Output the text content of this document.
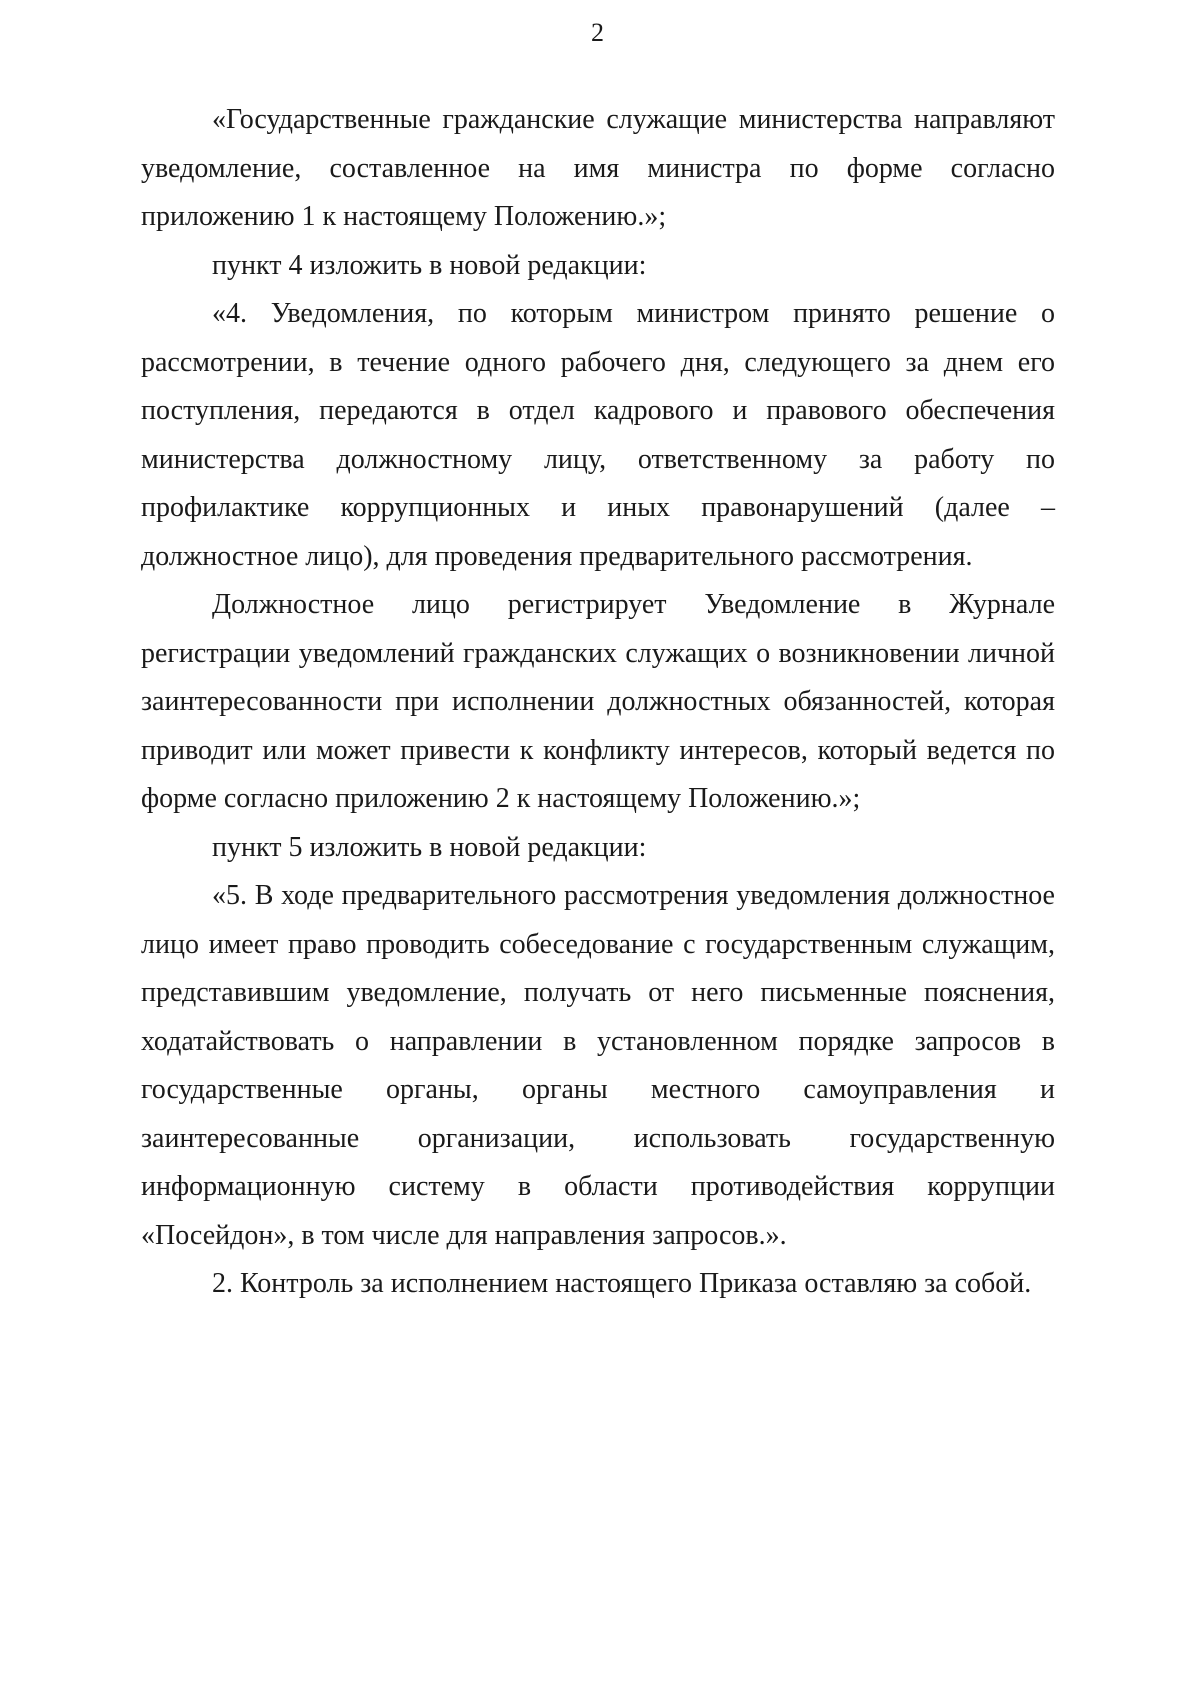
2

«Государственные гражданские служащие министерства направляют уведомление, составленное на имя министра по форме согласно приложению 1 к настоящему Положению.»;

пункт 4 изложить в новой редакции:

«4. Уведомления, по которым министром принято решение о рассмотрении, в течение одного рабочего дня, следующего за днем его поступления, передаются в отдел кадрового и правового обеспечения министерства должностному лицу, ответственному за работу по профилактике коррупционных и иных правонарушений (далее – должностное лицо), для проведения предварительного рассмотрения.

Должностное лицо регистрирует Уведомление в Журнале регистрации уведомлений гражданских служащих о возникновении личной заинтересованности при исполнении должностных обязанностей, которая приводит или может привести к конфликту интересов, который ведется по форме согласно приложению 2 к настоящему Положению.»;

пункт 5 изложить в новой редакции:

«5. В ходе предварительного рассмотрения уведомления должностное лицо имеет право проводить собеседование с государственным служащим, представившим уведомление, получать от него письменные пояснения, ходатайствовать о направлении в установленном порядке запросов в государственные органы, органы местного самоуправления и заинтересованные организации, использовать государственную информационную систему в области противодействия коррупции «Посейдон», в том числе для направления запросов.».

2. Контроль за исполнением настоящего Приказа оставляю за собой.
